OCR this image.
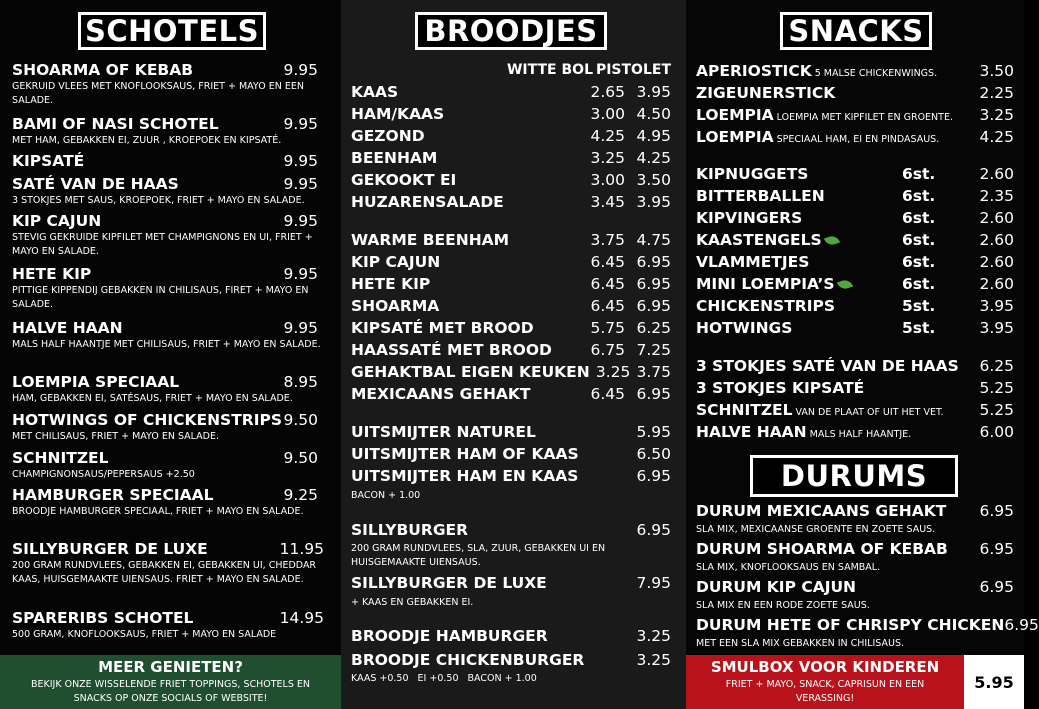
SCHOTELS
SHOARMA OF KEBAB	9.95
GEKRUID VLEES MET KNOFLOOKSAUS, FRIET + MAYO EN EEN SALADE.
BAMI OF NASI SCHOTEL	9.95
MET HAM, GEBAKKEN EI, ZUUR , KROEPOEK EN KIPSATÉ.
KIPSATÉ	9.95
SATÉ VAN DE HAAS	9.95
3 STOKJES MET SAUS, KROEPOEK, FRIET + MAYO EN SALADE.
KIP CAJUN	9.95
STEVIG GEKRUIDE KIPFILET MET CHAMPIGNONS EN UI, FRIET + MAYO EN SALADE.
HETE KIP	9.95
PITTIGE KIPPENDIJ GEBAKKEN IN CHILISAUS, FIRET + MAYO EN SALADE.
HALVE HAAN	9.95
MALS HALF HAANTJE MET CHILISAUS, FRIET + MAYO EN SALADE.
LOEMPIA SPECIAAL	8.95
HAM, GEBAKKEN EI, SATÉSAUS, FRIET + MAYO EN SALADE.
HOTWINGS OF CHICKENSTRIPS 9.50
MET CHILISAUS, FRIET + MAYO EN SALADE.
SCHNITZEL	9.50
CHAMPIGNONSAUS/PEPERSAUS +2.50
HAMBURGER SPECIAAL	9.25
BROODJE HAMBURGER SPECIAAL, FRIET + MAYO EN SALADE.
SILLYBURGER DE LUXE	11.95
200 GRAM RUNDVLEES, GEBAKKEN EI, GEBAKKEN UI, CHEDDAR KAAS, HUISGEMAAKTE UIENSAUS. FRIET + MAYO EN SALADE.
SPARERIBS SCHOTEL	14.95
500 GRAM, KNOFLOOKSAUS, FRIET + MAYO EN SALADE
MEER GENIETEN?
BEKIJK ONZE WISSELENDE FRIET TOPPINGS, SCHOTELS EN SNACKS OP ONZE SOCIALS OF WEBSITE!
BROODJES
WITTE BOL PISTOLET
KAAS	2.65 3.95
HAM/KAAS	3.00 4.50
GEZOND	4.25 4.95
BEENHAM	3.25 4.25
GEKOOKT EI	3.00 3.50
HUZARENSALADE	3.45 3.95
WARME BEENHAM	3.75 4.75
KIP CAJUN	6.45 6.95
HETE KIP	6.45 6.95
SHOARMA	6.45 6.95
KIPSATÉ MET BROOD	5.75 6.25
HAASSATÉ MET BROOD	6.75 7.25
GEHAKTBAL EIGEN KEUKEN 3.25 3.75
MEXICAANS GEHAKT	6.45 6.95
UITSMIJTER NATUREL	5.95
UITSMIJTER HAM OF KAAS	6.50
UITSMIJTER HAM EN KAAS	6.95
BACON + 1.00
SILLYBURGER	6.95
200 GRAM RUNDVLEES, SLA, ZUUR, GEBAKKEN UI EN HUISGEMAAKTE UIENSAUS.
SILLYBURGER DE LUXE	7.95
+ KAAS EN GEBAKKEN EI.
BROODJE HAMBURGER	3.25
BROODJE CHICKENBURGER	3.25
KAAS +0.50   EI +0.50   BACON + 1.00
SNACKS
APERIOSTICK 5 MALSE CHICKENWINGS.	3.50
ZIGEUNERSTICK	2.25
LOEMPIA LOEMPIA MET KIPFILET EN GROENTE.	3.25
LOEMPIA SPECIAAL HAM, EI EN PINDASAUS.	4.25
KIPNUGGETS	6st.	2.60
BITTERBALLEN	6st.	2.35
KIPVINGERS	6st.	2.60
KAASTENGELS	6st.	2.60
VLAMMETJES	6st.	2.60
MINI LOEMPIA’S	6st.	2.60
CHICKENSTRIPS	5st.	3.95
HOTWINGS	5st.	3.95
3 STOKJES SATÉ VAN DE HAAS	6.25
3 STOKJES KIPSATÉ	5.25
SCHNITZEL VAN DE PLAAT OF UIT HET VET.	5.25
HALVE HAAN MALS HALF HAANTJE.	6.00
DURUMS
DURUM MEXICAANS GEHAKT	6.95
SLA MIX, MEXICAANSE GROENTE EN ZOETE SAUS.
DURUM SHOARMA OF KEBAB	6.95
SLA MIX, KNOFLOOKSAUS EN SAMBAL.
DURUM KIP CAJUN	6.95
SLA MIX EN EEN RODE ZOETE SAUS.
DURUM HETE OF CHRISPY CHICKEN 6.95
MET EEN SLA MIX GEBAKKEN IN CHILISAUS.
SMULBOX VOOR KINDEREN
FRIET + MAYO, SNACK, CAPRISUN EN EEN VERASSING!
5.95
